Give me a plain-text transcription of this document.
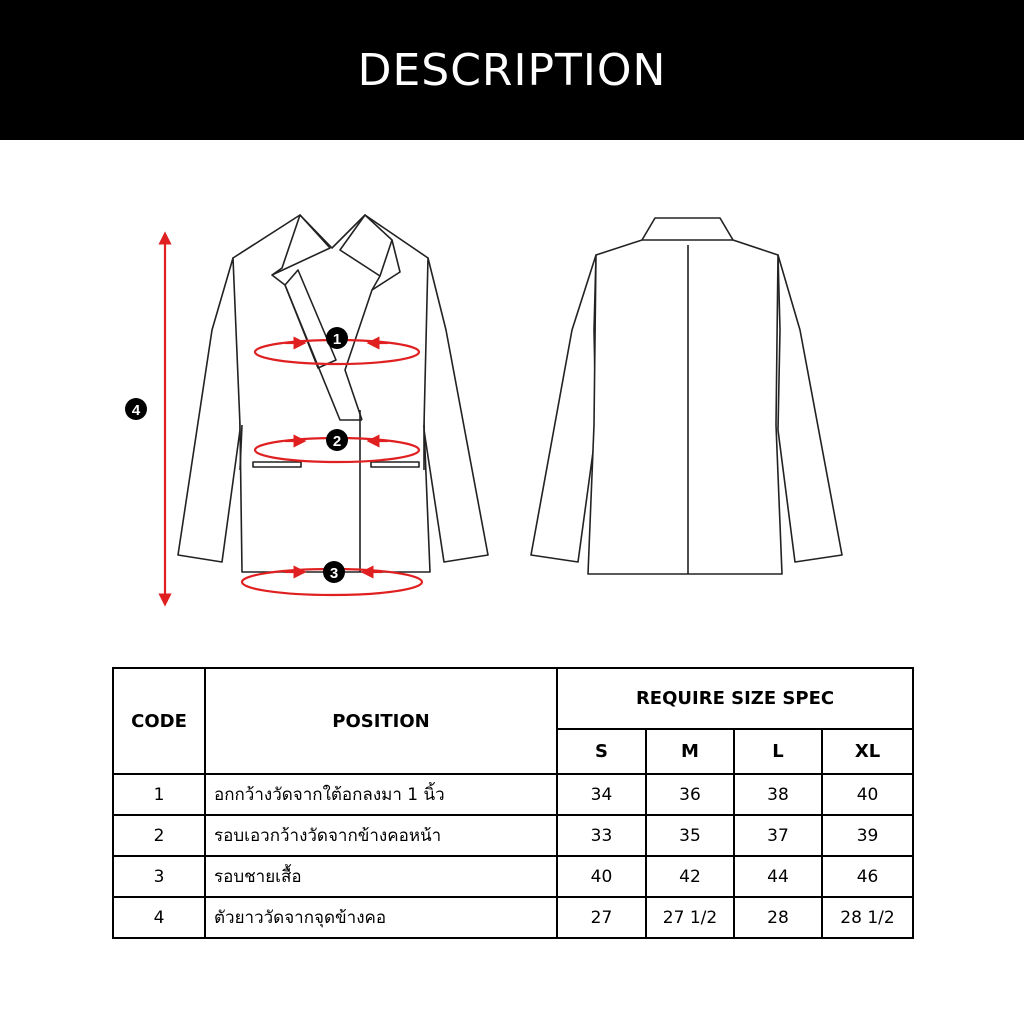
DESCRIPTION
1
2
3
4
CODE	POSITION	REQUIRE SIZE SPEC			
		S	M	L	XL
1	อกกว้างวัดจากใต้อกลงมา 1 นิ้ว	34	36	38	40
2	รอบเอวกว้างวัดจากข้างคอหน้า	33	35	37	39
3	รอบชายเสื้อ	40	42	44	46
4	ตัวยาววัดจากจุดข้างคอ	27	27 1/2	28	28 1/2
